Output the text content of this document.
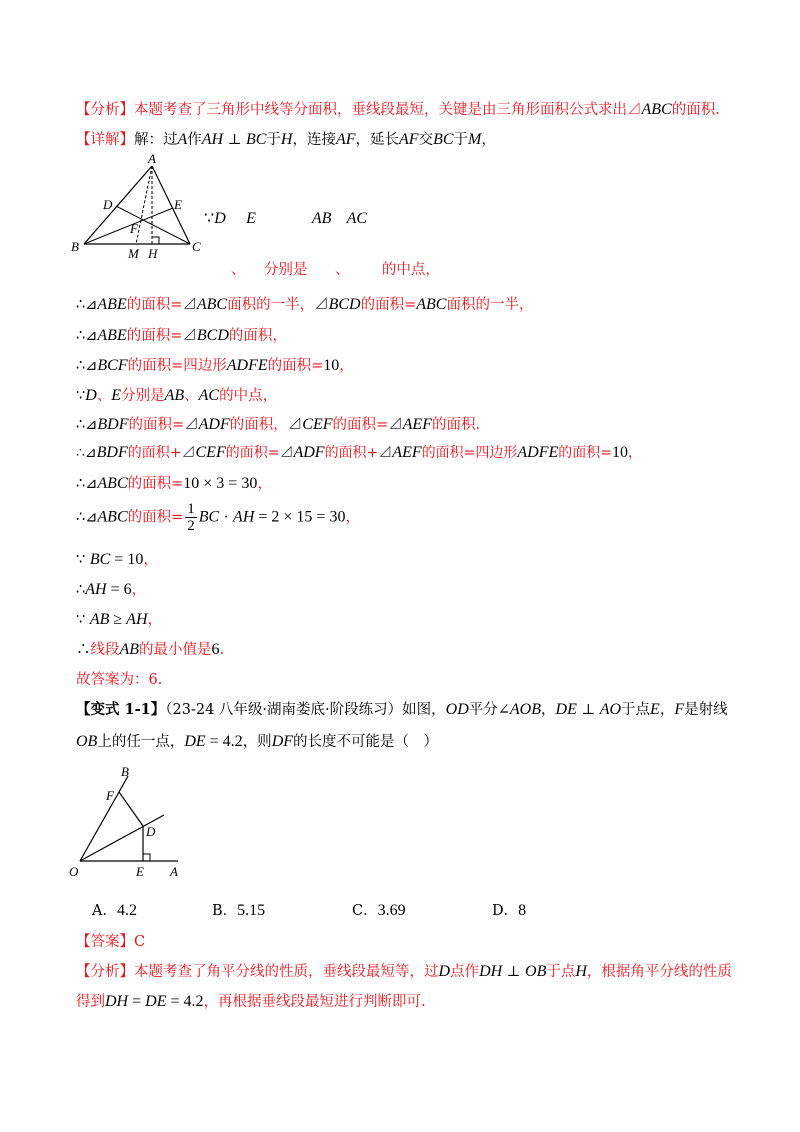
【分析】本题考查了三角形中线等分面积，垂线段最短，关键是由三角形面积公式求出⊿ABC的面积.
【详解】解：过A作AH ⊥ BC于H，连接AF，延长AF交BC于M，
A
D	E
F
B	M H	C
∵D E	AB AC
、 分别是 、 的中点，
∴⊿ABE的面积=⊿ABC面积的一半，⊿BCD的面积=ABC面积的一半，
∴⊿ABE的面积=⊿BCD的面积，
∴⊿BCF的面积=四边形ADFE的面积=10，
∵D、E分别是AB、AC的中点，
∴⊿BDF的面积=⊿ADF的面积，⊿CEF的面积=⊿AEF的面积.
∴⊿BDF的面积+⊿CEF的面积=⊿ADF的面积+⊿AEF的面积=四边形ADFE的面积=10，
∴⊿ABC的面积=10 × 3 = 30，
∴⊿ABC的面积= $\frac{1}{2}$ BC · AH = 2 × 15 = 30，
∵ BC = 10，
∴AH = 6，
∵ AB ≥ AH，
∴线段AB的最小值是6.
故答案为：6.
【变式 1-1】（23-24 八年级·湖南娄底·阶段练习）如图，OD平分∠AOB，DE ⊥ AO于点E，F是射线
OB上的任一点，DE = 4.2，则DF的长度不可能是（　）
B
F
D
O	E A
A．4.2	B．5.15	C．3.69	D．8
【答案】C
【分析】本题考查了角平分线的性质，垂线段最短等，过D点作DH ⊥ OB于点H，根据角平分线的性质
得到DH = DE = 4.2，再根据垂线段最短进行判断即可.
